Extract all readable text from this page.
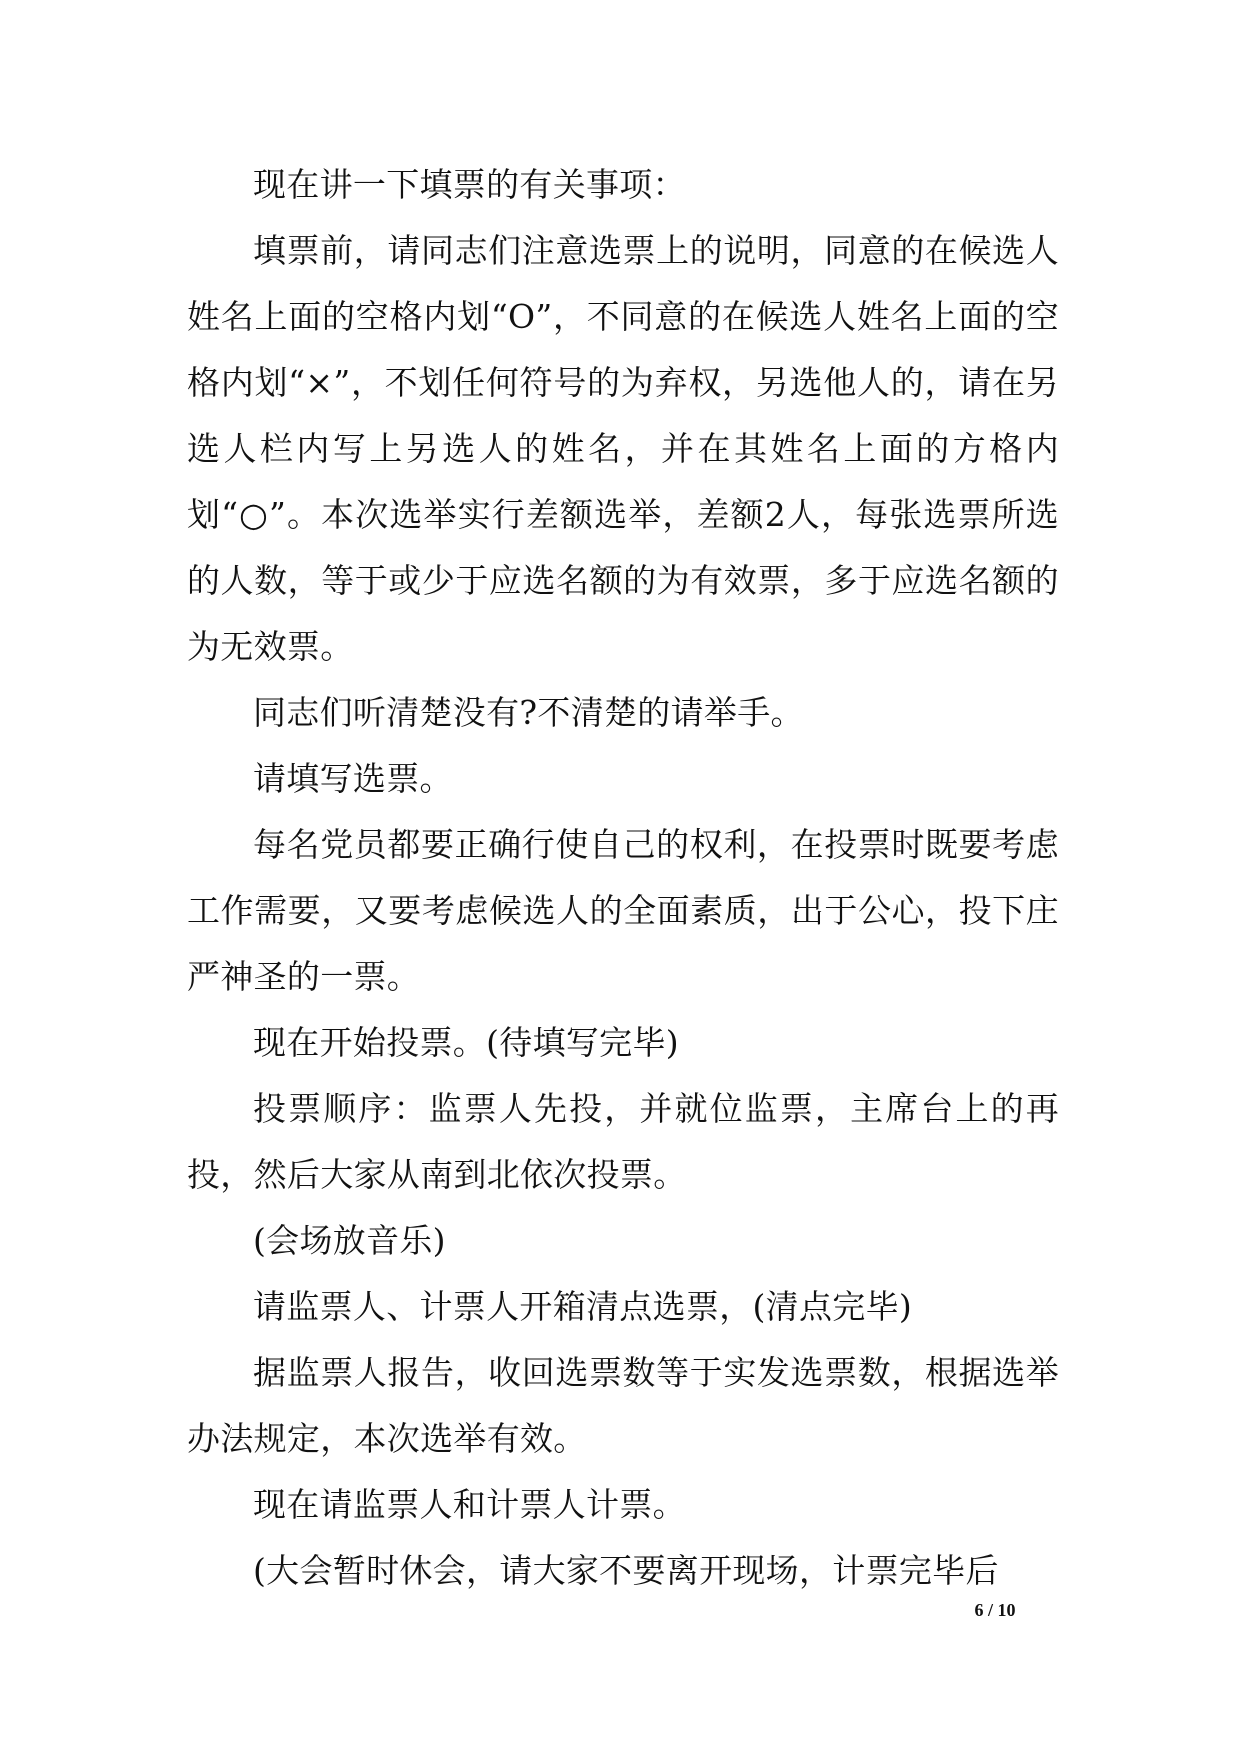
现在讲一下填票的有关事项：

填票前，请同志们注意选票上的说明，同意的在候选人姓名上面的空格内划“O”，不同意的在候选人姓名上面的空格内划“×”，不划任何符号的为弃权，另选他人的，请在另选人栏内写上另选人的姓名，并在其姓名上面的方格内划“○”。本次选举实行差额选举，差额2人，每张选票所选的人数，等于或少于应选名额的为有效票，多于应选名额的为无效票。

同志们听清楚没有?不清楚的请举手。

请填写选票。

每名党员都要正确行使自己的权利，在投票时既要考虑工作需要，又要考虑候选人的全面素质，出于公心，投下庄严神圣的一票。

现在开始投票。(待填写完毕)

投票顺序：监票人先投，并就位监票，主席台上的再投，然后大家从南到北依次投票。

(会场放音乐)

请监票人、计票人开箱清点选票，(清点完毕)

据监票人报告，收回选票数等于实发选票数，根据选举办法规定，本次选举有效。

现在请监票人和计票人计票。

(大会暂时休会，请大家不要离开现场，计票完毕后

6 / 10
